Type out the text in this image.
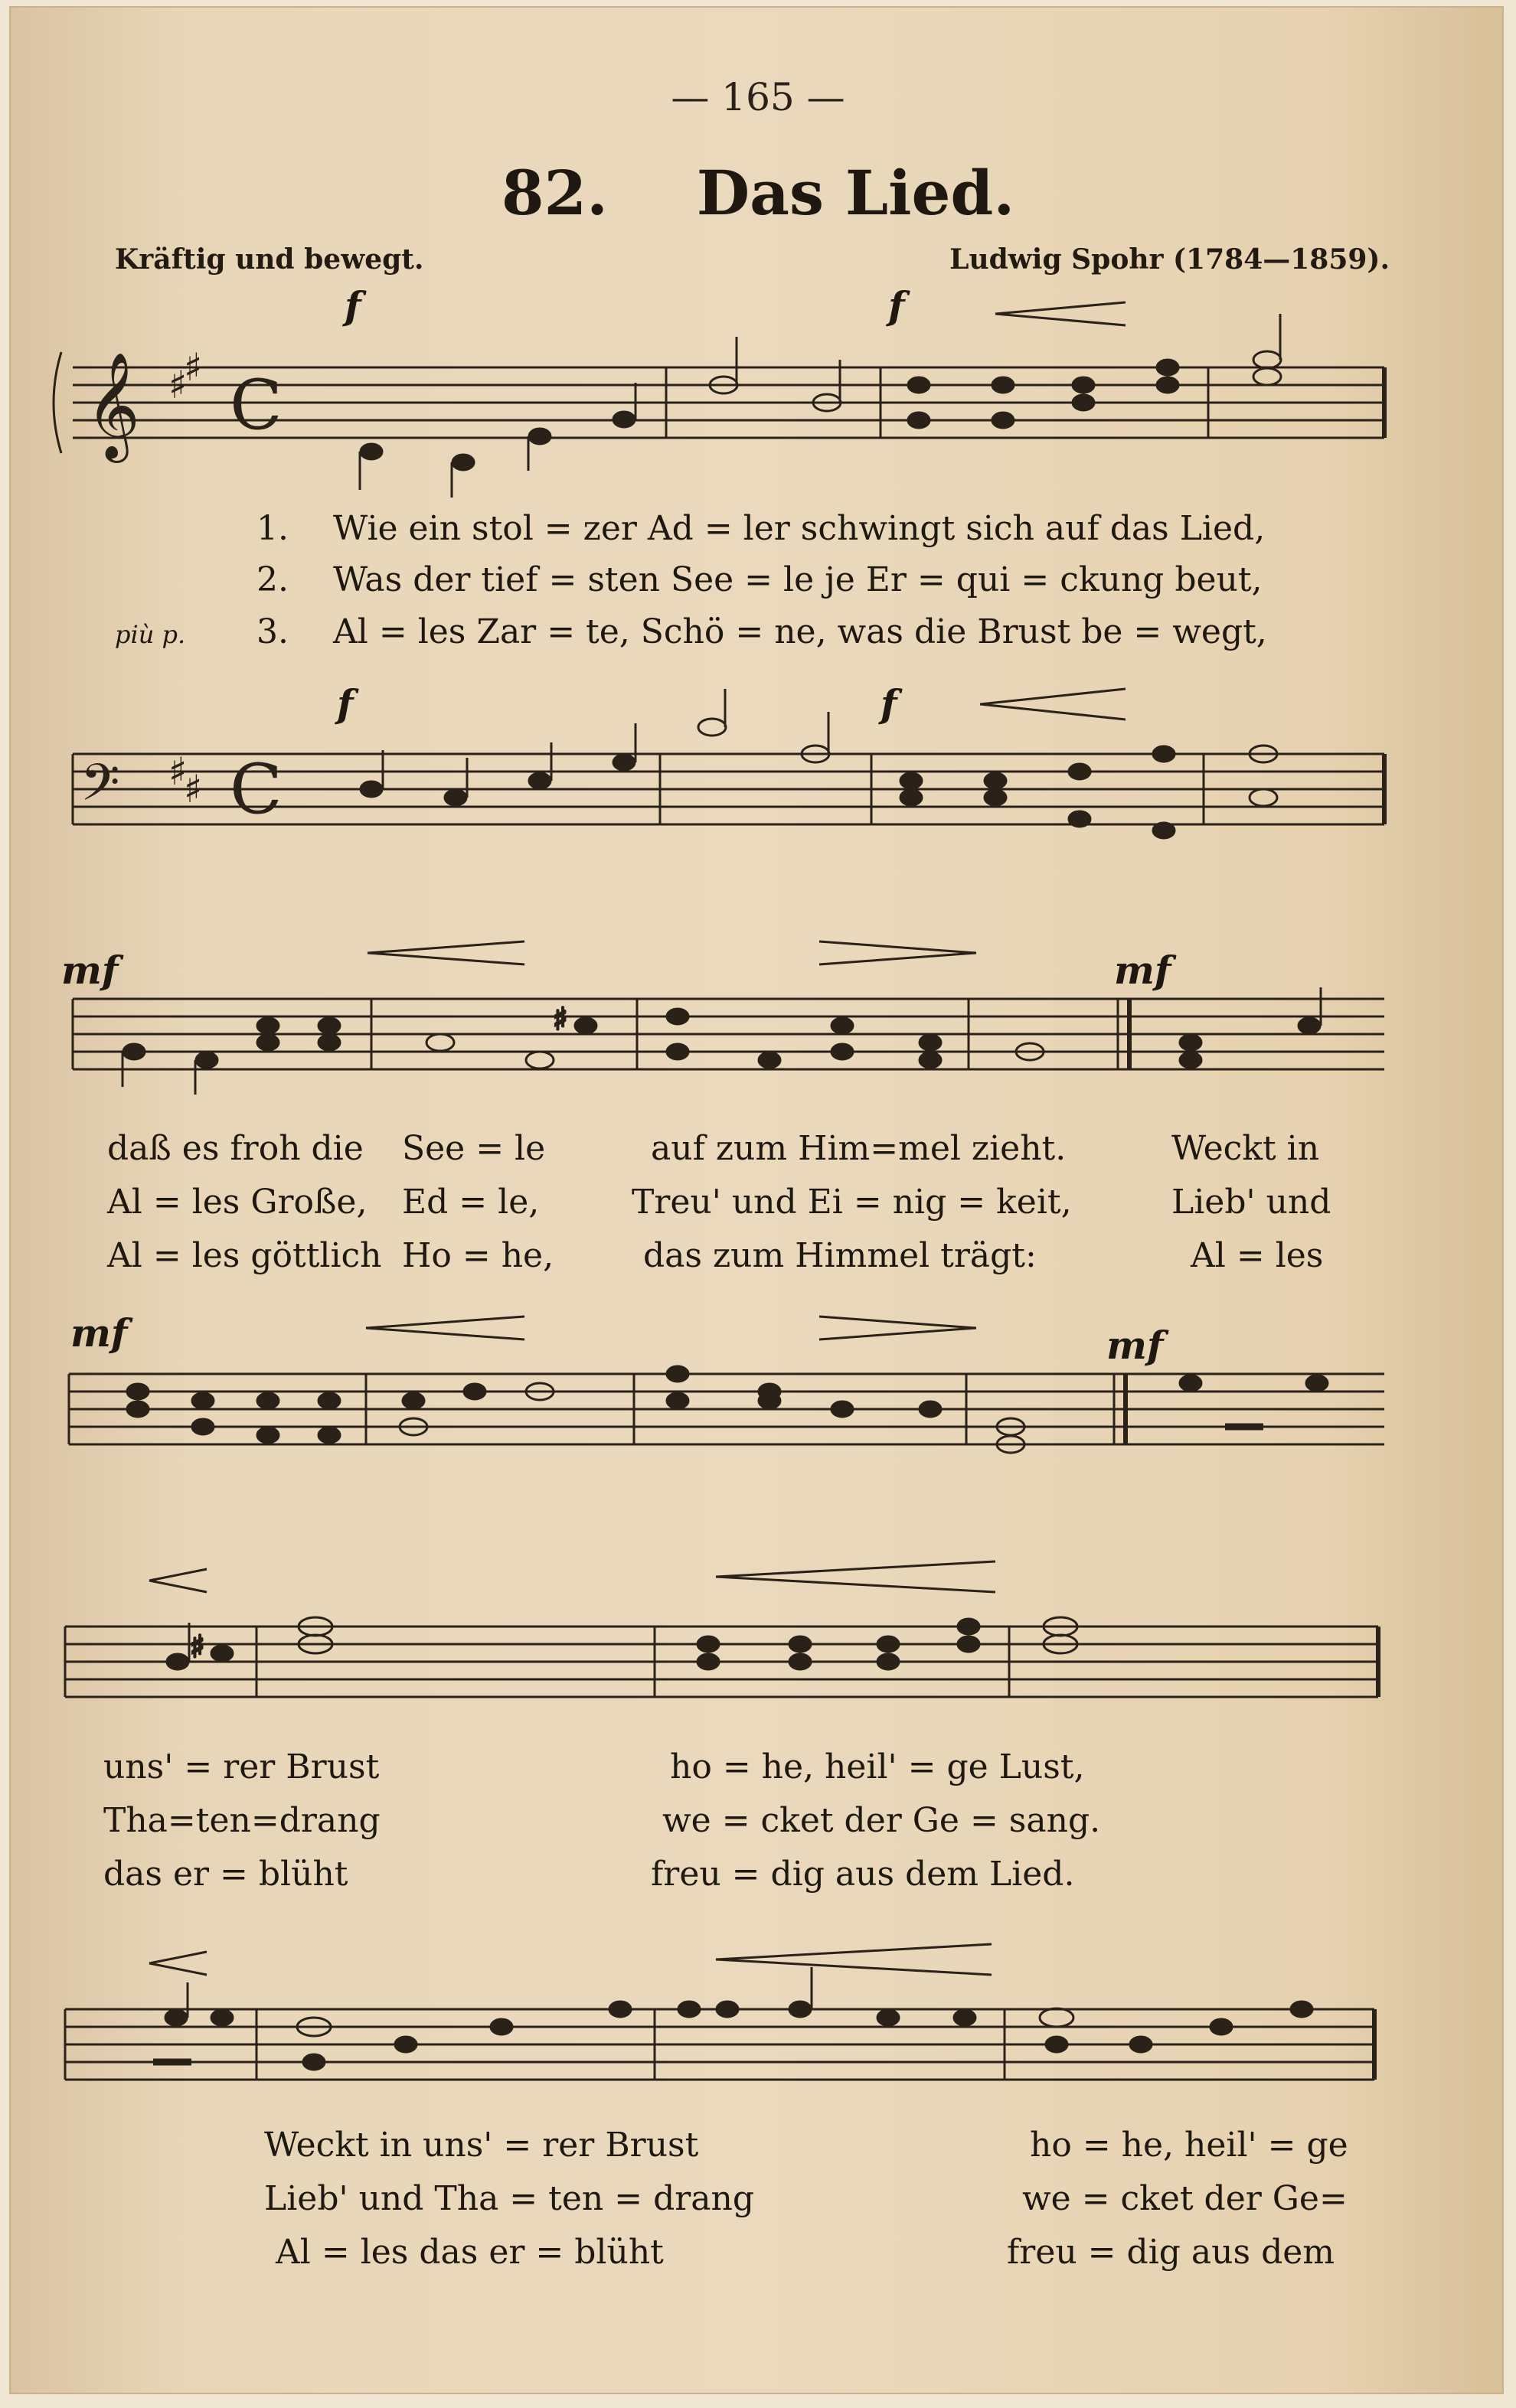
— 165 —
82. Das Lied.
Kräftig und bewegt.	Ludwig Spohr (1784—1859).
𝄞 ♯
♯ C
f	f
1.
2.
3.
più p.
Wie ein stol = zer Ad = ler schwingt sich auf das Lied,
Was der tief = sten See = le je Er = qui = ckung beut,
Al = les Zar = te, Schö = ne, was die Brust be = wegt,
𝄢 ♯
♯ C
f	f
♯
mf	mf
daß es froh die
Al = les Große,
Al = les göttlich
See = le
Ed = le,
Ho = he,
auf zum Him=mel zieht.
Treu' und Ei = nig = keit,
das zum Himmel trägt:
Weckt in
Lieb' und
Al = les
mf	mf
♯
uns' = rer Brust
Tha=ten=drang
das er = blüht
ho = he, heil' = ge Lust,
we = cket der Ge = sang.
freu = dig aus dem Lied.
Weckt in uns' = rer Brust
Lieb' und Tha = ten = drang
Al = les das er = blüht
ho = he, heil' = ge
we = cket der Ge=
freu = dig aus dem
